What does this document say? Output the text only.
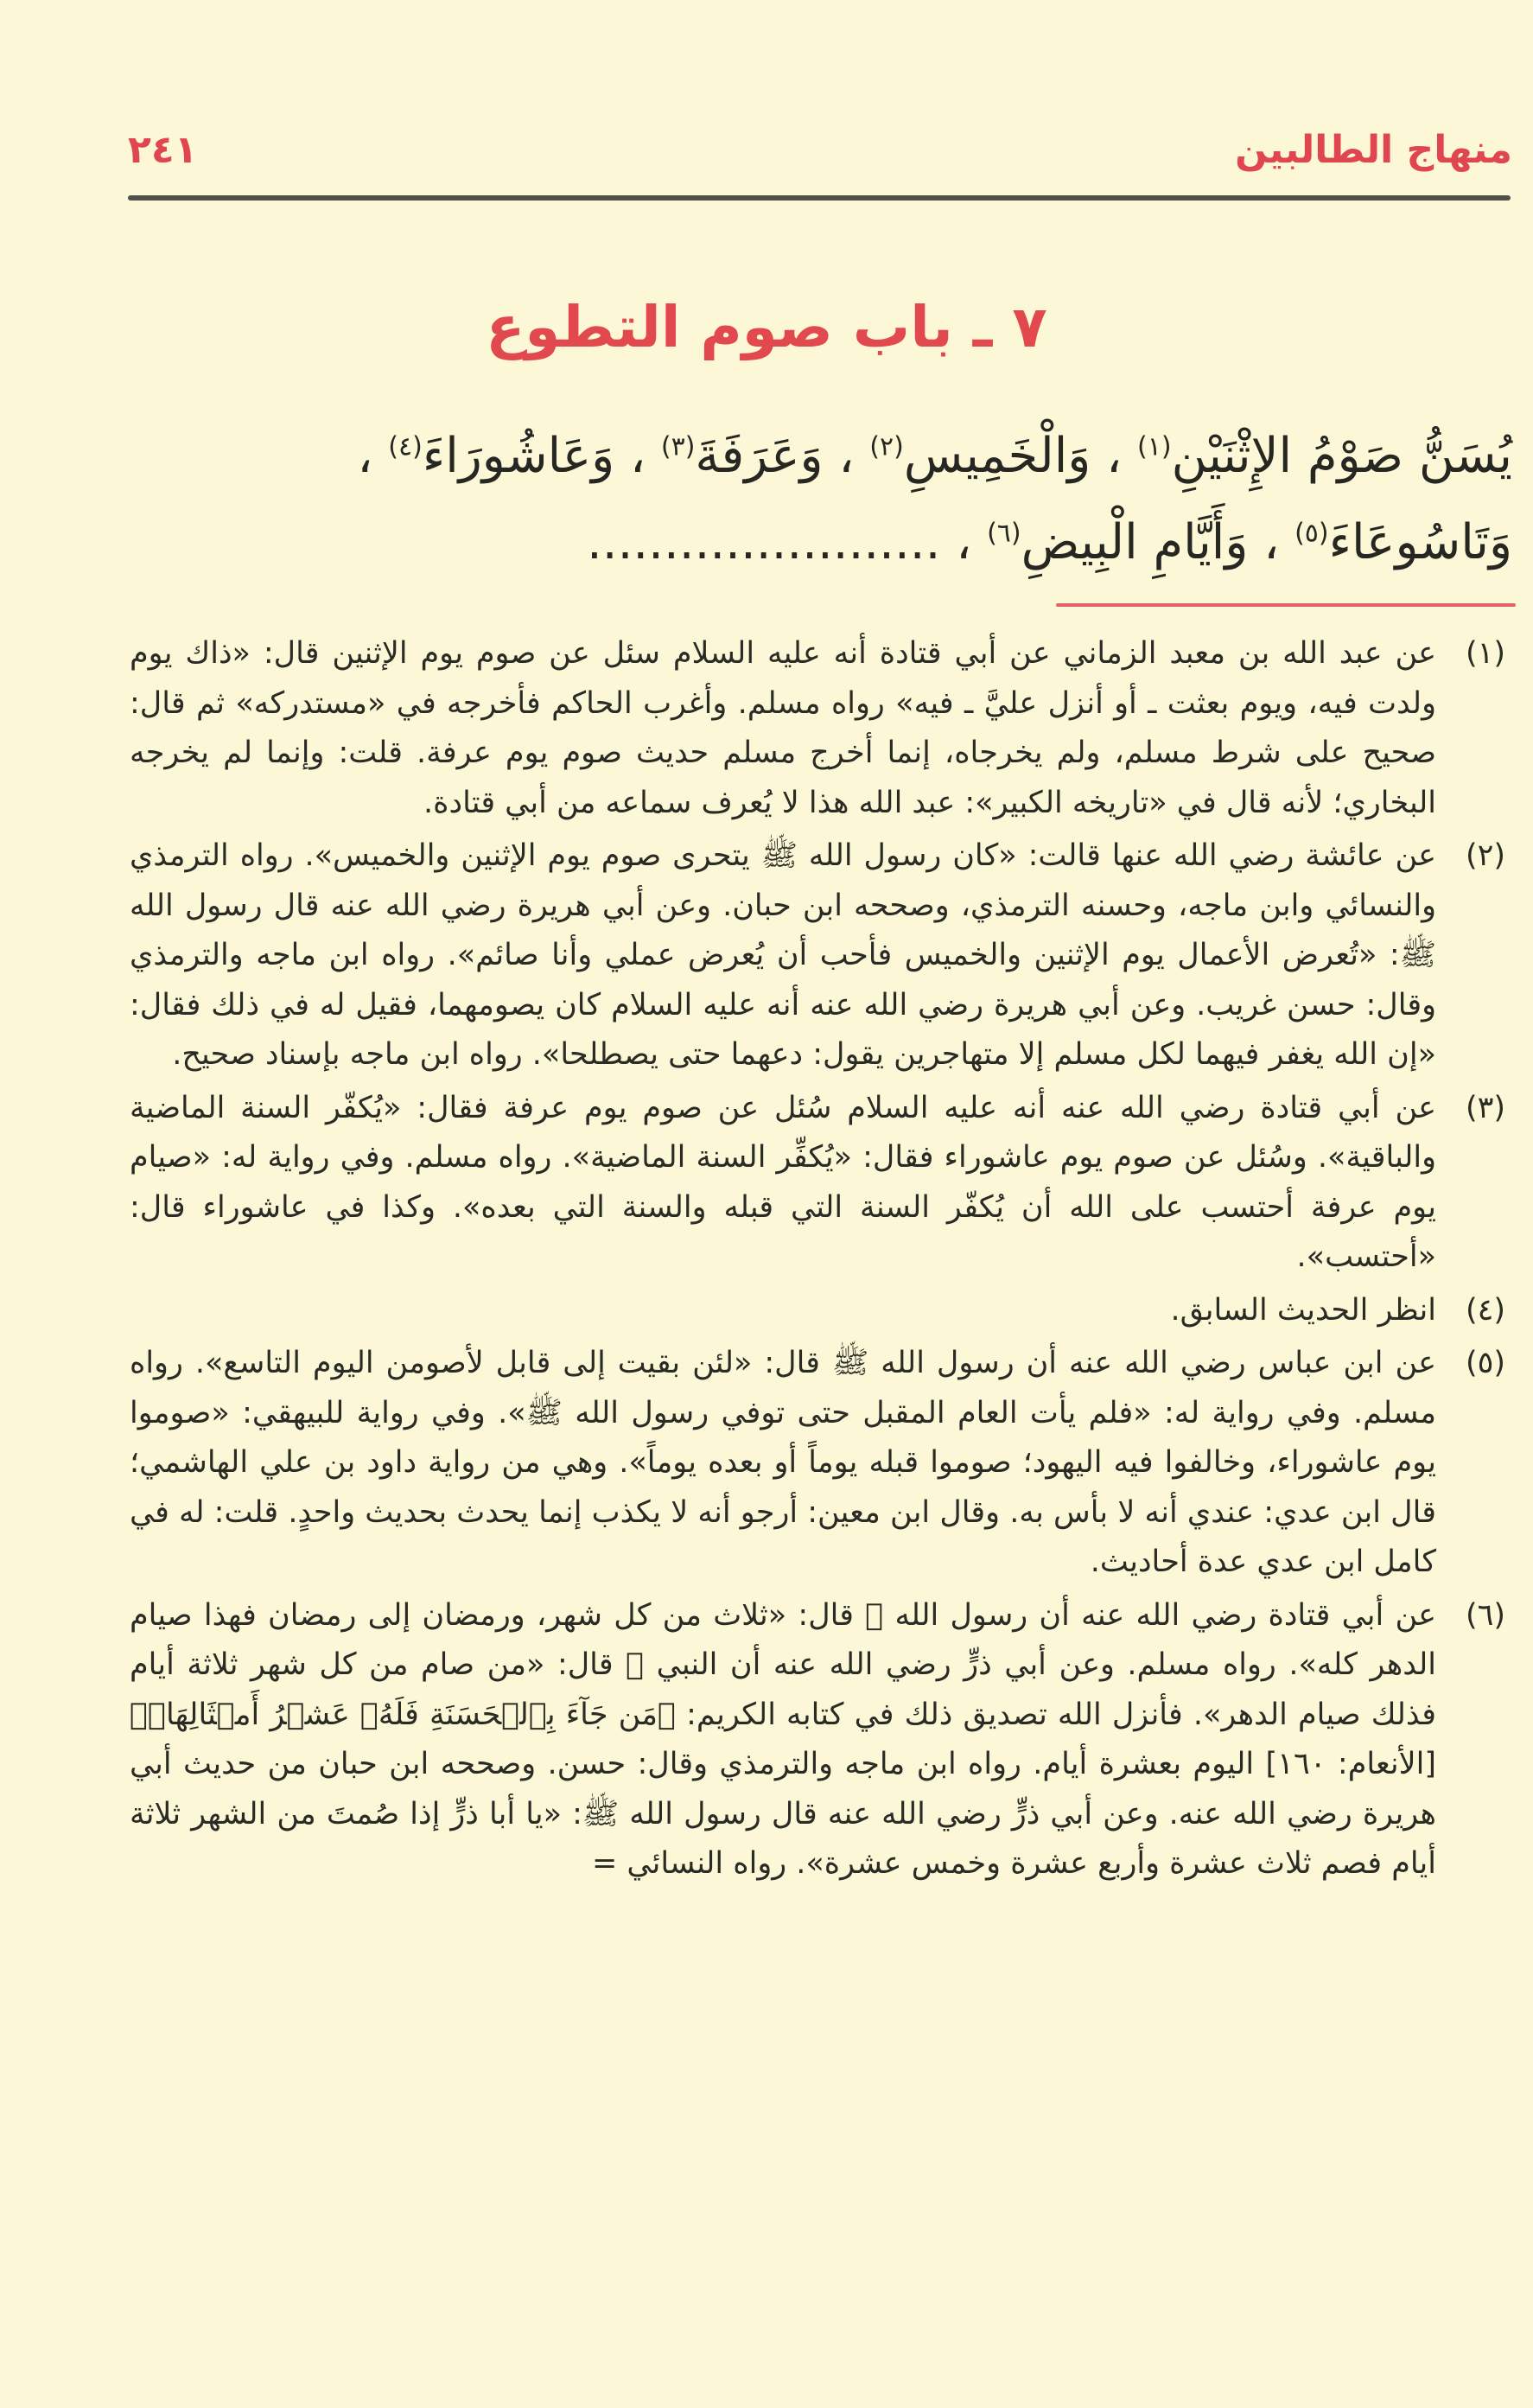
منهاج الطالبين
٢٤١
٧ ـ باب صوم التطوع
يُسَنُّ صَوْمُ الإِثْنَيْنِ$^{(١)}$ ، وَالْخَمِيسِ$^{(٢)}$ ، وَعَرَفَةَ$^{(٣)}$ ، وَعَاشُورَاءَ$^{(٤)}$ ،
وَتَاسُوعَاءَ$^{(٥)}$ ، وَأَيَّامِ الْبِيضِ$^{(٦)}$ ، .......................
(١)
عن عبد الله بن معبد الزماني عن أبي قتادة أنه عليه السلام سئل عن صوم يوم الإثنين قال: «ذاك يوم ولدت فيه، ويوم بعثت ـ أو أنزل عليَّ ـ فيه» رواه مسلم. وأغرب الحاكم فأخرجه في «مستدركه» ثم قال: صحيح على شرط مسلم، ولم يخرجاه، إنما أخرج مسلم حديث صوم يوم عرفة. قلت: وإنما لم يخرجه البخاري؛ لأنه قال في «تاريخه الكبير»: عبد الله هذا لا يُعرف سماعه من أبي قتادة.
(٢)
عن عائشة رضي الله عنها قالت: «كان رسول الله ﷺ يتحرى صوم يوم الإثنين والخميس». رواه الترمذي والنسائي وابن ماجه، وحسنه الترمذي، وصححه ابن حبان. وعن أبي هريرة رضي الله عنه قال رسول الله ﷺ: «تُعرض الأعمال يوم الإثنين والخميس فأحب أن يُعرض عملي وأنا صائم». رواه ابن ماجه والترمذي وقال: حسن غريب. وعن أبي هريرة رضي الله عنه أنه عليه السلام كان يصومهما، فقيل له في ذلك فقال: «إن الله يغفر فيهما لكل مسلم إلا متهاجرين يقول: دعهما حتى يصطلحا». رواه ابن ماجه بإسناد صحيح.
(٣)
عن أبي قتادة رضي الله عنه أنه عليه السلام سُئل عن صوم يوم عرفة فقال: «يُكفّر السنة الماضية والباقية». وسُئل عن صوم يوم عاشوراء فقال: «يُكفِّر السنة الماضية». رواه مسلم. وفي رواية له: «صيام يوم عرفة أحتسب على الله أن يُكفّر السنة التي قبله والسنة التي بعده». وكذا في عاشوراء قال: «أحتسب».
(٤)
انظر الحديث السابق.
(٥)
عن ابن عباس رضي الله عنه أن رسول الله ﷺ قال: «لئن بقيت إلى قابل لأصومن اليوم التاسع». رواه مسلم. وفي رواية له: «فلم يأت العام المقبل حتى توفي رسول الله ﷺ». وفي رواية للبيهقي: «صوموا يوم عاشوراء، وخالفوا فيه اليهود؛ صوموا قبله يوماً أو بعده يوماً». وهي من رواية داود بن علي الهاشمي؛ قال ابن عدي: عندي أنه لا بأس به. وقال ابن معين: أرجو أنه لا يكذب إنما يحدث بحديث واحدٍ. قلت: له في كامل ابن عدي عدة أحاديث.
(٦)
عن أبي قتادة رضي الله عنه أن رسول الله ﷺ قال: «ثلاث من كل شهر، ورمضان إلى رمضان فهذا صيام الدهر كله». رواه مسلم. وعن أبي ذرٍّ رضي الله عنه أن النبي ﷺ قال: «من صام من كل شهر ثلاثة أيام فذلك صيام الدهر». فأنزل الله تصديق ذلك في كتابه الكريم: ﴿مَن جَآءَ بِٱلۡحَسَنَةِ فَلَهُۥ عَشۡرُ أَمۡثَالِهَاۖ﴾ [الأنعام: ١٦٠] اليوم بعشرة أيام. رواه ابن ماجه والترمذي وقال: حسن. وصححه ابن حبان من حديث أبي هريرة رضي الله عنه. وعن أبي ذرٍّ رضي الله عنه قال رسول الله ﷺ: «يا أبا ذرٍّ إذا صُمتَ من الشهر ثلاثة أيام فصم ثلاث عشرة وأربع عشرة وخمس عشرة». رواه النسائي =
